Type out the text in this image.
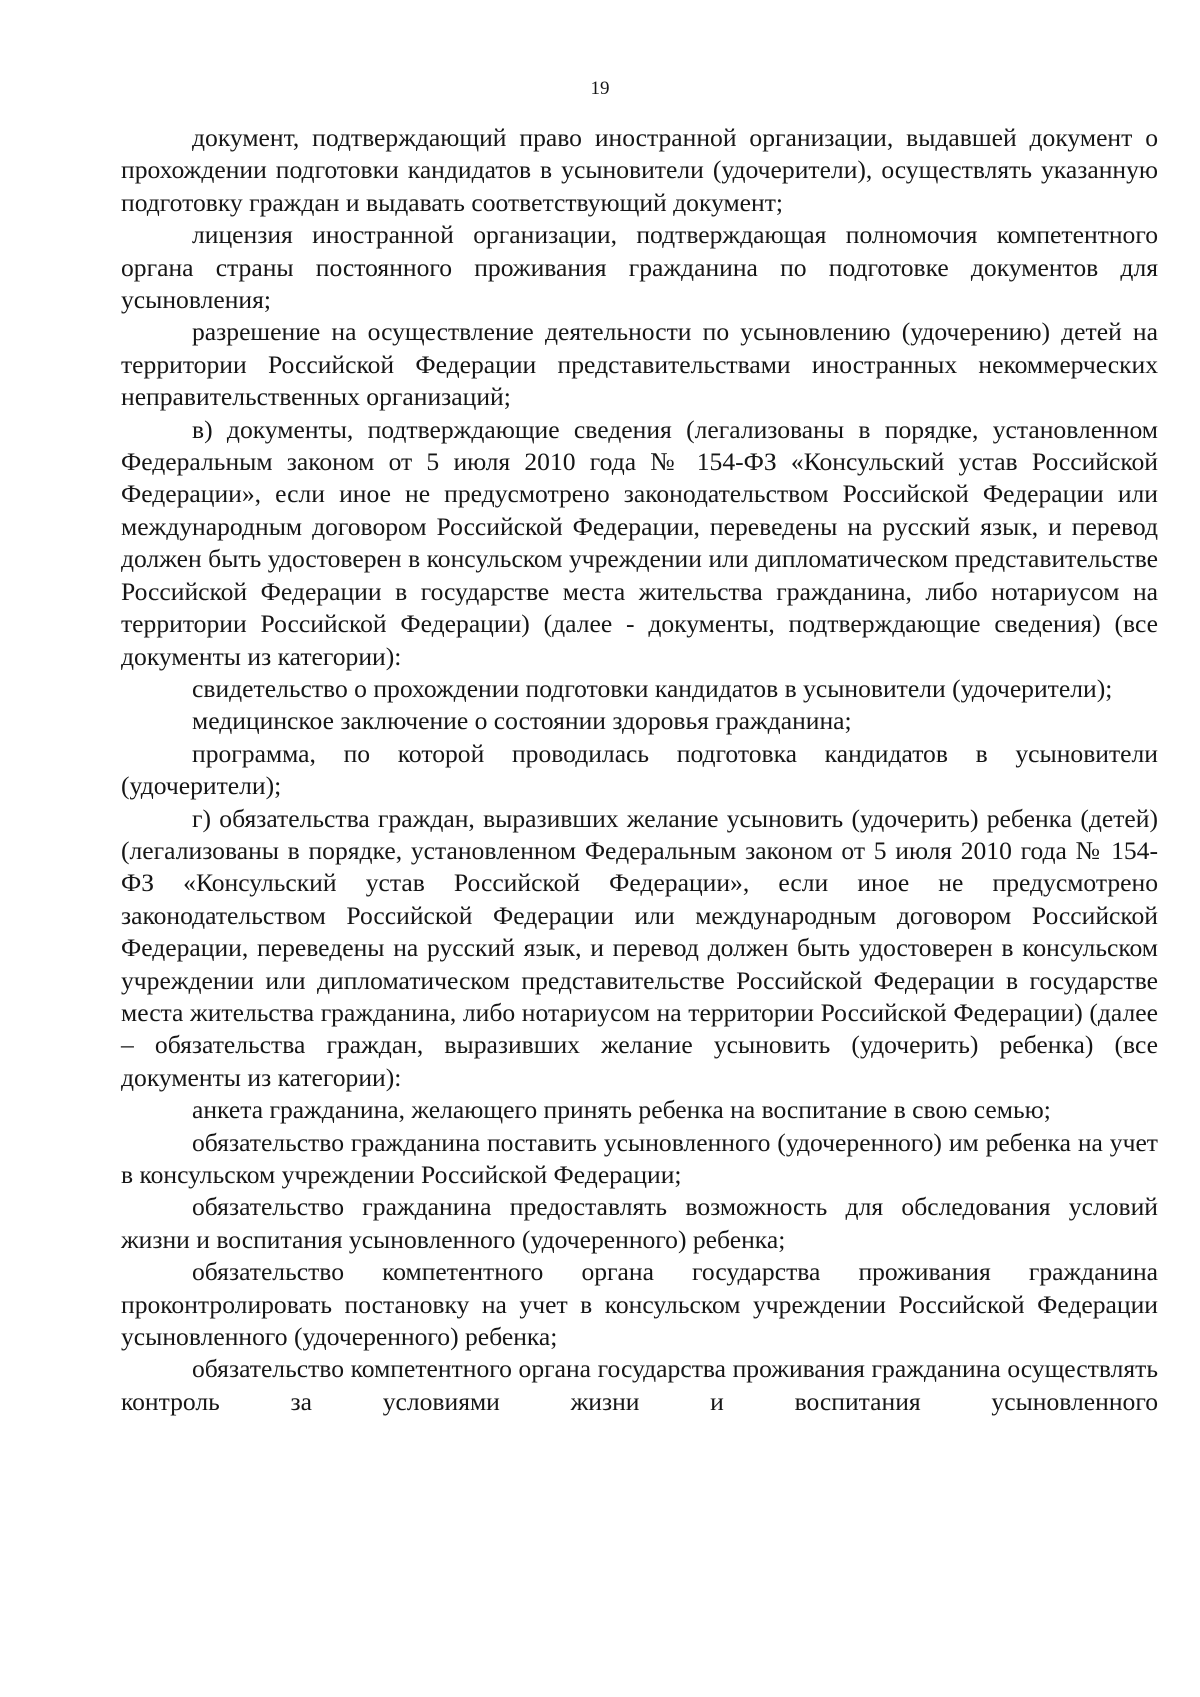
19

документ, подтверждающий право иностранной организации, выдавшей документ о прохождении подготовки кандидатов в усыновители (удочерители), осуществлять указанную подготовку граждан и выдавать соответствующий документ;

лицензия иностранной организации, подтверждающая полномочия компетентного органа страны постоянного проживания гражданина по подготовке документов для усыновления;

разрешение на осуществление деятельности по усыновлению (удочерению) детей на территории Российской Федерации представительствами иностранных некоммерческих неправительственных организаций;

в) документы, подтверждающие сведения (легализованы в порядке, установленном Федеральным законом от 5 июля 2010 года № 154-ФЗ «Консульский устав Российской Федерации», если иное не предусмотрено законодательством Российской Федерации или международным договором Российской Федерации, переведены на русский язык, и перевод должен быть удостоверен в консульском учреждении или дипломатическом представительстве Российской Федерации в государстве места жительства гражданина, либо нотариусом на территории Российской Федерации) (далее - документы, подтверждающие сведения) (все документы из категории):

свидетельство о прохождении подготовки кандидатов в усыновители (удочерители);

медицинское заключение о состоянии здоровья гражданина;

программа, по которой проводилась подготовка кандидатов в усыновители (удочерители);

г) обязательства граждан, выразивших желание усыновить (удочерить) ребенка (детей) (легализованы в порядке, установленном Федеральным законом от 5 июля 2010 года № 154-ФЗ «Консульский устав Российской Федерации», если иное не предусмотрено законодательством Российской Федерации или международным договором Российской Федерации, переведены на русский язык, и перевод должен быть удостоверен в консульском учреждении или дипломатическом представительстве Российской Федерации в государстве места жительства гражданина, либо нотариусом на территории Российской Федерации) (далее – обязательства граждан, выразивших желание усыновить (удочерить) ребенка) (все документы из категории):

анкета гражданина, желающего принять ребенка на воспитание в свою семью;

обязательство гражданина поставить усыновленного (удочеренного) им ребенка на учет в консульском учреждении Российской Федерации;

обязательство гражданина предоставлять возможность для обследования условий жизни и воспитания усыновленного (удочеренного) ребенка;

обязательство компетентного органа государства проживания гражданина проконтролировать постановку на учет в консульском учреждении Российской Федерации усыновленного (удочеренного) ребенка;

обязательство компетентного органа государства проживания гражданина осуществлять контроль за условиями жизни и воспитания усыновленного
